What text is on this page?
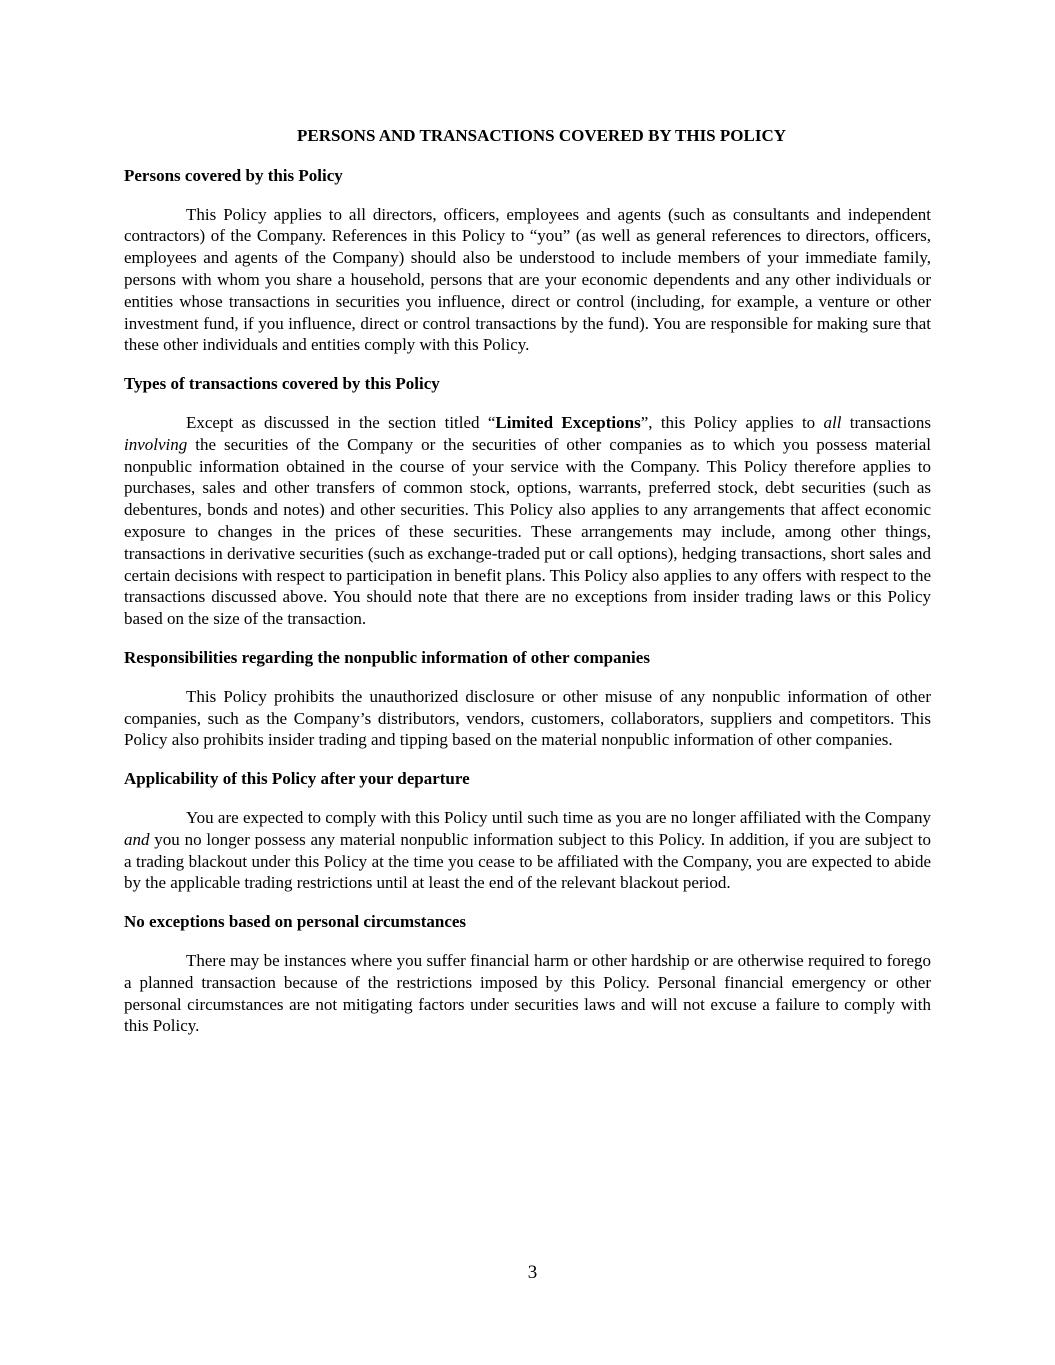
PERSONS AND TRANSACTIONS COVERED BY THIS POLICY
Persons covered by this Policy

This Policy applies to all directors, officers, employees and agents (such as consultants and independent contractors) of the Company. References in this Policy to “you” (as well as general references to directors, officers, employees and agents of the Company) should also be understood to include members of your immediate family, persons with whom you share a household, persons that are your economic dependents and any other individuals or entities whose transactions in securities you influence, direct or control (including, for example, a venture or other investment fund, if you influence, direct or control transactions by the fund). You are responsible for making sure that these other individuals and entities comply with this Policy.

Types of transactions covered by this Policy

Except as discussed in the section titled “Limited Exceptions”, this Policy applies to all transactions involving the securities of the Company or the securities of other companies as to which you possess material nonpublic information obtained in the course of your service with the Company. This Policy therefore applies to purchases, sales and other transfers of common stock, options, warrants, preferred stock, debt securities (such as debentures, bonds and notes) and other securities. This Policy also applies to any arrangements that affect economic exposure to changes in the prices of these securities. These arrangements may include, among other things, transactions in derivative securities (such as exchange-traded put or call options), hedging transactions, short sales and certain decisions with respect to participation in benefit plans. This Policy also applies to any offers with respect to the transactions discussed above. You should note that there are no exceptions from insider trading laws or this Policy based on the size of the transaction.

Responsibilities regarding the nonpublic information of other companies

This Policy prohibits the unauthorized disclosure or other misuse of any nonpublic information of other companies, such as the Company’s distributors, vendors, customers, collaborators, suppliers and competitors. This Policy also prohibits insider trading and tipping based on the material nonpublic information of other companies.

Applicability of this Policy after your departure

You are expected to comply with this Policy until such time as you are no longer affiliated with the Company and you no longer possess any material nonpublic information subject to this Policy. In addition, if you are subject to a trading blackout under this Policy at the time you cease to be affiliated with the Company, you are expected to abide by the applicable trading restrictions until at least the end of the relevant blackout period.

No exceptions based on personal circumstances

There may be instances where you suffer financial harm or other hardship or are otherwise required to forego a planned transaction because of the restrictions imposed by this Policy. Personal financial emergency or other personal circumstances are not mitigating factors under securities laws and will not excuse a failure to comply with this Policy.

3
